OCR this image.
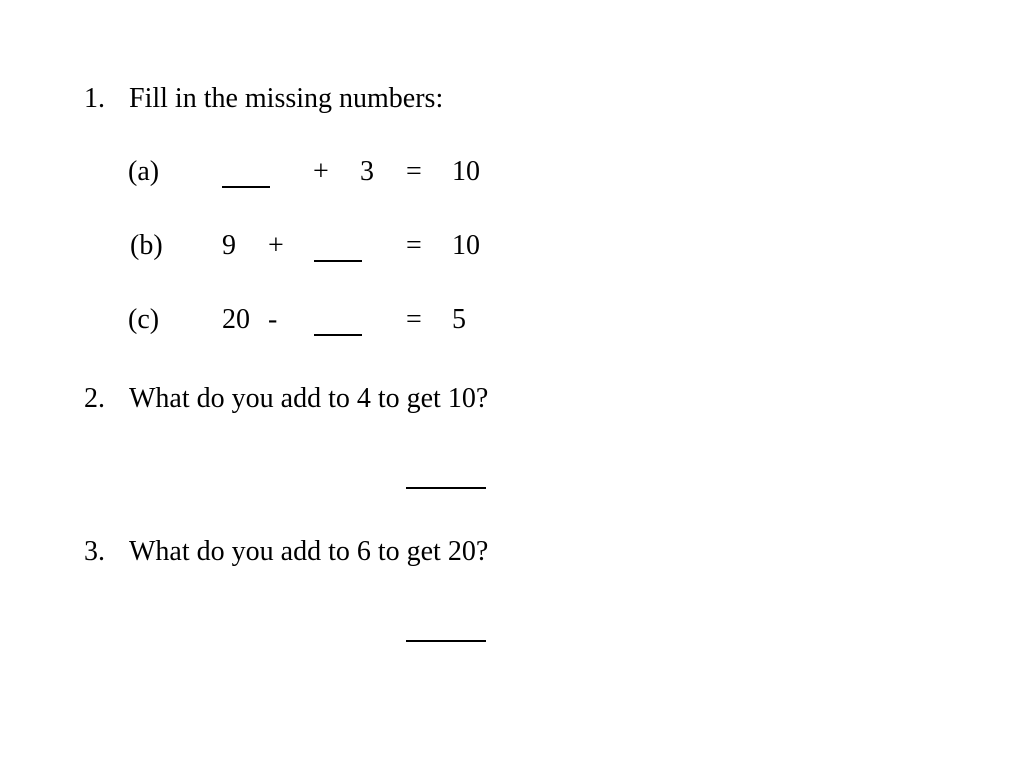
1. Fill in the missing numbers:
(a)	+ 3 = 10
(b) 9 +	= 10
(c) 20 -	= 5
2. What do you add to 4 to get 10?
3. What do you add to 6 to get 20?
